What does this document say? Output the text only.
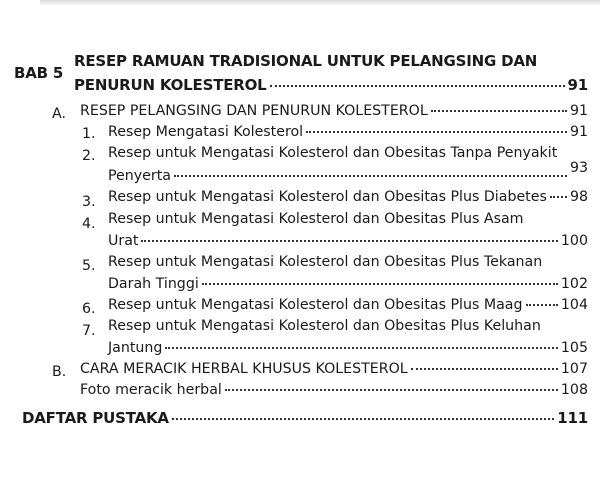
BAB 5
RESEP RAMUAN TRADISIONAL UNTUK PELANGSING DAN
PENURUN KOLESTEROL	91
A. RESEP PELANGSING DAN PENURUN KOLESTEROL	91
1. Resep Mengatasi Kolesterol	91
2. Resep untuk Mengatasi Kolesterol dan Obesitas Tanpa Penyakit
Penyerta	93
3. Resep untuk Mengatasi Kolesterol dan Obesitas Plus Diabetes 98
4. Resep untuk Mengatasi Kolesterol dan Obesitas Plus Asam
Urat	100
5. Resep untuk Mengatasi Kolesterol dan Obesitas Plus Tekanan
Darah Tinggi	102
6. Resep untuk Mengatasi Kolesterol dan Obesitas Plus Maag	104
7. Resep untuk Mengatasi Kolesterol dan Obesitas Plus Keluhan
Jantung	105
B. CARA MERACIK HERBAL KHUSUS KOLESTEROL	107
Foto meracik herbal	108
DAFTAR PUSTAKA	111
